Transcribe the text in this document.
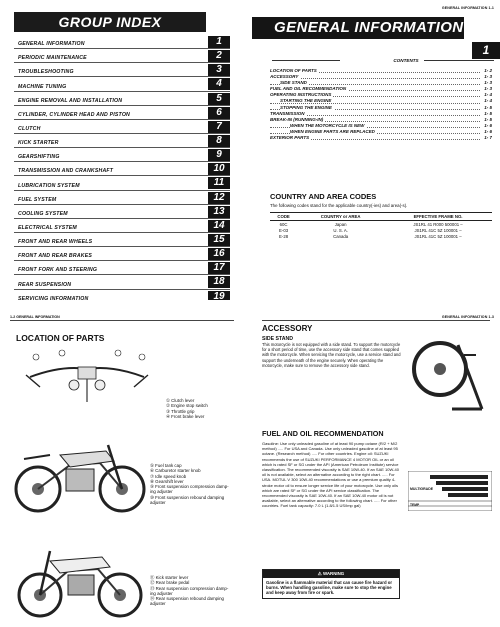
GROUP INDEX
GENERAL INFORMATION	1
PERIODIC MAINTENANCE	2
TROUBLESHOOTING	3
MACHINE TUNING	4
ENGINE REMOVAL AND INSTALLATION	5
CYLINDER, CYLINDER HEAD AND PISTON	6
CLUTCH	7
KICK STARTER	8
GEARSHIFTING	9
TRANSMISSION AND CRANKSHAFT	10
LUBRICATION SYSTEM	11
FUEL SYSTEM	12
COOLING SYSTEM	13
ELECTRICAL SYSTEM	14
FRONT AND REAR WHEELS	15
FRONT AND REAR BRAKES	16
FRONT FORK AND STEERING	17
REAR SUSPENSION	18
SERVICING INFORMATION	19
GENERAL INFORMATION 1-1
GENERAL INFORMATION
1
CONTENTS
LOCATION OF PARTS	1- 2
ACCESSORY	1- 3
SIDE STAND	1- 3
FUEL AND OIL RECOMMENDATION	1- 3
OPERATING INSTRUCTIONS	1- 4
STARTING THE ENGINE	1- 4
STOPPING THE ENGINE	1- 5
TRANSMISSION	1- 5
BREAK-IN (RUNNING-IN)	1- 5
WHEN THE MOTORCYCLE IS NEW	1- 6
WHEN ENGINE PARTS ARE REPLACED	1- 6
EXTERIOR PARTS	1- 7
COUNTRY AND AREA CODES
The following codes stand for the applicable country(-ies) and area(-s).
CODE	COUNTRY or AREA	EFFECTIVE FRAME NO.
60C	Japan	JS1RL 41 R000 500001 –
E-03	U. S. A.	JS1RL 41C 5Z 100001 –
E-28	Canada	JS1RL 41C 5Z 100001 –
1-2 GENERAL INFORMATION
LOCATION OF PARTS
① Clutch lever
② Engine stop switch
③ Throttle grip
④ Front brake lever
⑤ Fuel tank cap
⑥ Carburetor starter knob
⑦ Idle speed knob
⑧ Gearshift lever
⑨ Front suspension compression damp-
ing adjuster
⑩ Front suspension rebound damping
adjuster
⑪ Kick starter lever
⑫ Rear brake pedal
⑬ Rear suspension compression damp-
ing adjuster
⑭ Rear suspension rebound damping
adjuster
GENERAL INFORMATION 1-3
ACCESSORY
SIDE STAND

This motorcycle is not equipped with a side stand. To support the motorcycle for a short period of time, use the accessory side stand that comes supplied with the motorcycle. When servicing the motorcycle, use a service stand and support the underneath of the engine securely. When operating the motorcycle, make sure to remove the accessory side stand.

FUEL AND OIL RECOMMENDATION

Gasoline: Use only unleaded gasoline of at least 90 pump octane (R/2 + M/2 method) ..... For USA and Canada. Use only unleaded gasoline of at least 95 octane. (Research method) ..... For other countries. Engine oil: SUZUKI recommends the use of SUZUKI PERFORMANCE 4 MOTOR OIL or an oil which is rated SF or SG under the API (American Petroleum Institute) service classification. The recommended viscosity is SAE 10W-40. If an SAE 10W-40 oil is not available, select an alternative according to the right chart. ..... For USA. MOTUL V 300 10W-40 recommendations or use a premium quality 4-stroke motor oil to ensure longer service life of your motorcycle. Use only oils which are rated SF or SG under the API service classification. The recommended viscosity is SAE 10W-40. If an SAE 10W-40 motor oil is not available, select an alternative according to the following chart. ..... For other countries. Fuel tank capacity: 7.0 L (1.8/1.5 US/Imp gal)

MULTIGRADE
TEMP
⚠ WARNING
Gasoline is a flammable material that can cause fire hazard or burns. When handling gasoline, make sure to stop the engine and keep away from fire or spark.
